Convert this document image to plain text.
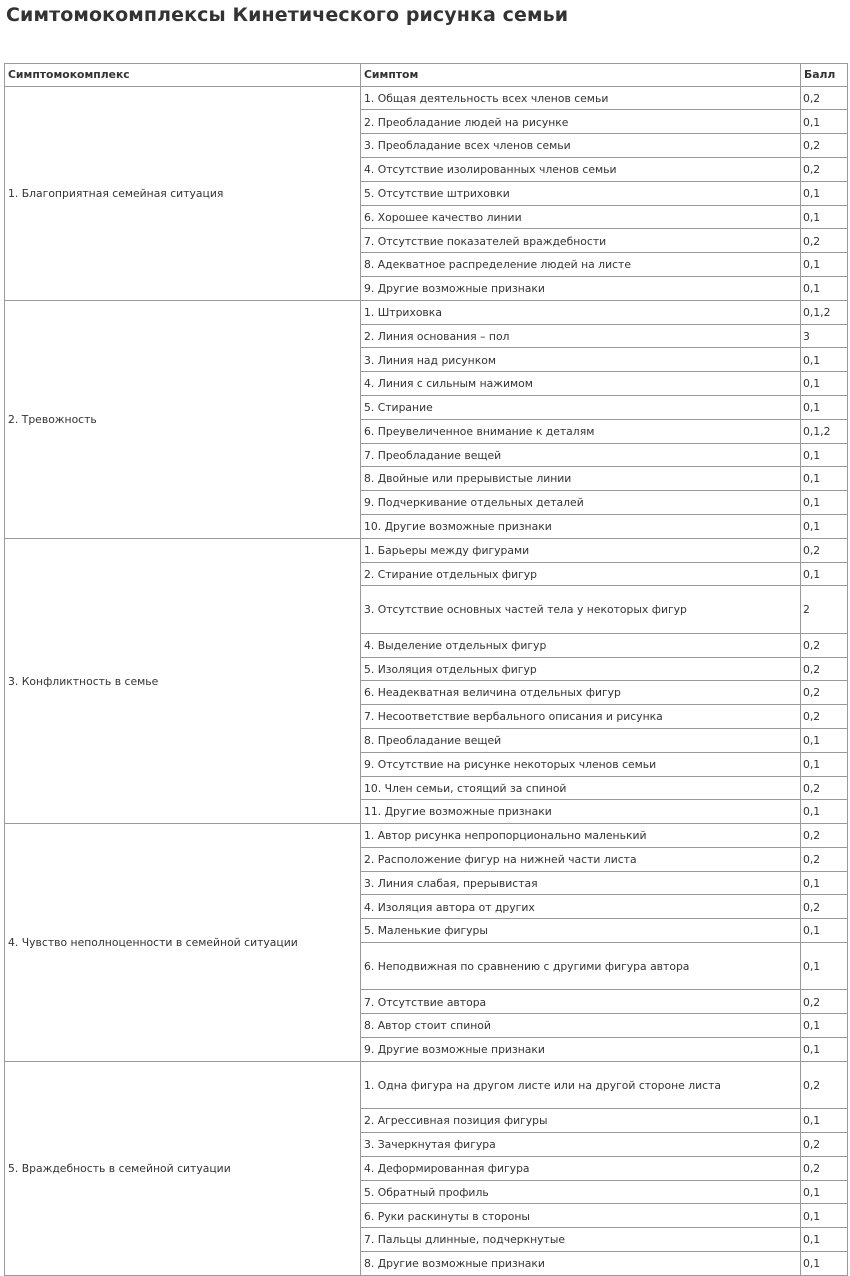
Симтомокомплексы Кинетического рисунка семьи
Симптомокомплекс	Симптом	Балл
1. Благоприятная семейная ситуация	1. Общая деятельность всех членов семьи	0,2
	2. Преобладание людей на рисунке	0,1
	3. Преобладание всех членов семьи	0,2
	4. Отсутствие изолированных членов семьи	0,2
	5. Отсутствие штриховки	0,1
	6. Хорошее качество линии	0,1
	7. Отсутствие показателей враждебности	0,2
	8. Адекватное распределение людей на листе	0,1
	9. Другие возможные признаки	0,1
2. Тревожность	1. Штриховка	0,1,2
	2. Линия основания – пол	3
	3. Линия над рисунком	0,1
	4. Линия с сильным нажимом	0,1
	5. Стирание	0,1
	6. Преувеличенное внимание к деталям	0,1,2
	7. Преобладание вещей	0,1
	8. Двойные или прерывистые линии	0,1
	9. Подчеркивание отдельных деталей	0,1
	10. Другие возможные признаки	0,1
3. Конфликтность в семье	1. Барьеры между фигурами	0,2
	2. Стирание отдельных фигур	0,1
	3. Отсутствие основных частей тела у некоторых фигур	2
	4. Выделение отдельных фигур	0,2
	5. Изоляция отдельных фигур	0,2
	6. Неадекватная величина отдельных фигур	0,2
	7. Несоответствие вербального описания и рисунка	0,2
	8. Преобладание вещей	0,1
	9. Отсутствие на рисунке некоторых членов семьи	0,1
	10. Член семьи, стоящий за спиной	0,2
	11. Другие возможные признаки	0,1
4. Чувство неполноценности в семейной ситуации	1. Автор рисунка непропорционально маленький	0,2
	2. Расположение фигур на нижней части листа	0,2
	3. Линия слабая, прерывистая	0,1
	4. Изоляция автора от других	0,2
	5. Маленькие фигуры	0,1
	6. Неподвижная по сравнению с другими фигура автора	0,1
	7. Отсутствие автора	0,2
	8. Автор стоит спиной	0,1
	9. Другие возможные признаки	0,1
5. Враждебность в семейной ситуации	1. Одна фигура на другом листе или на другой стороне листа	0,2
	2. Агрессивная позиция фигуры	0,1
	3. Зачеркнутая фигура	0,2
	4. Деформированная фигура	0,2
	5. Обратный профиль	0,1
	6. Руки раскинуты в стороны	0,1
	7. Пальцы длинные, подчеркнутые	0,1
	8. Другие возможные признаки	0,1
